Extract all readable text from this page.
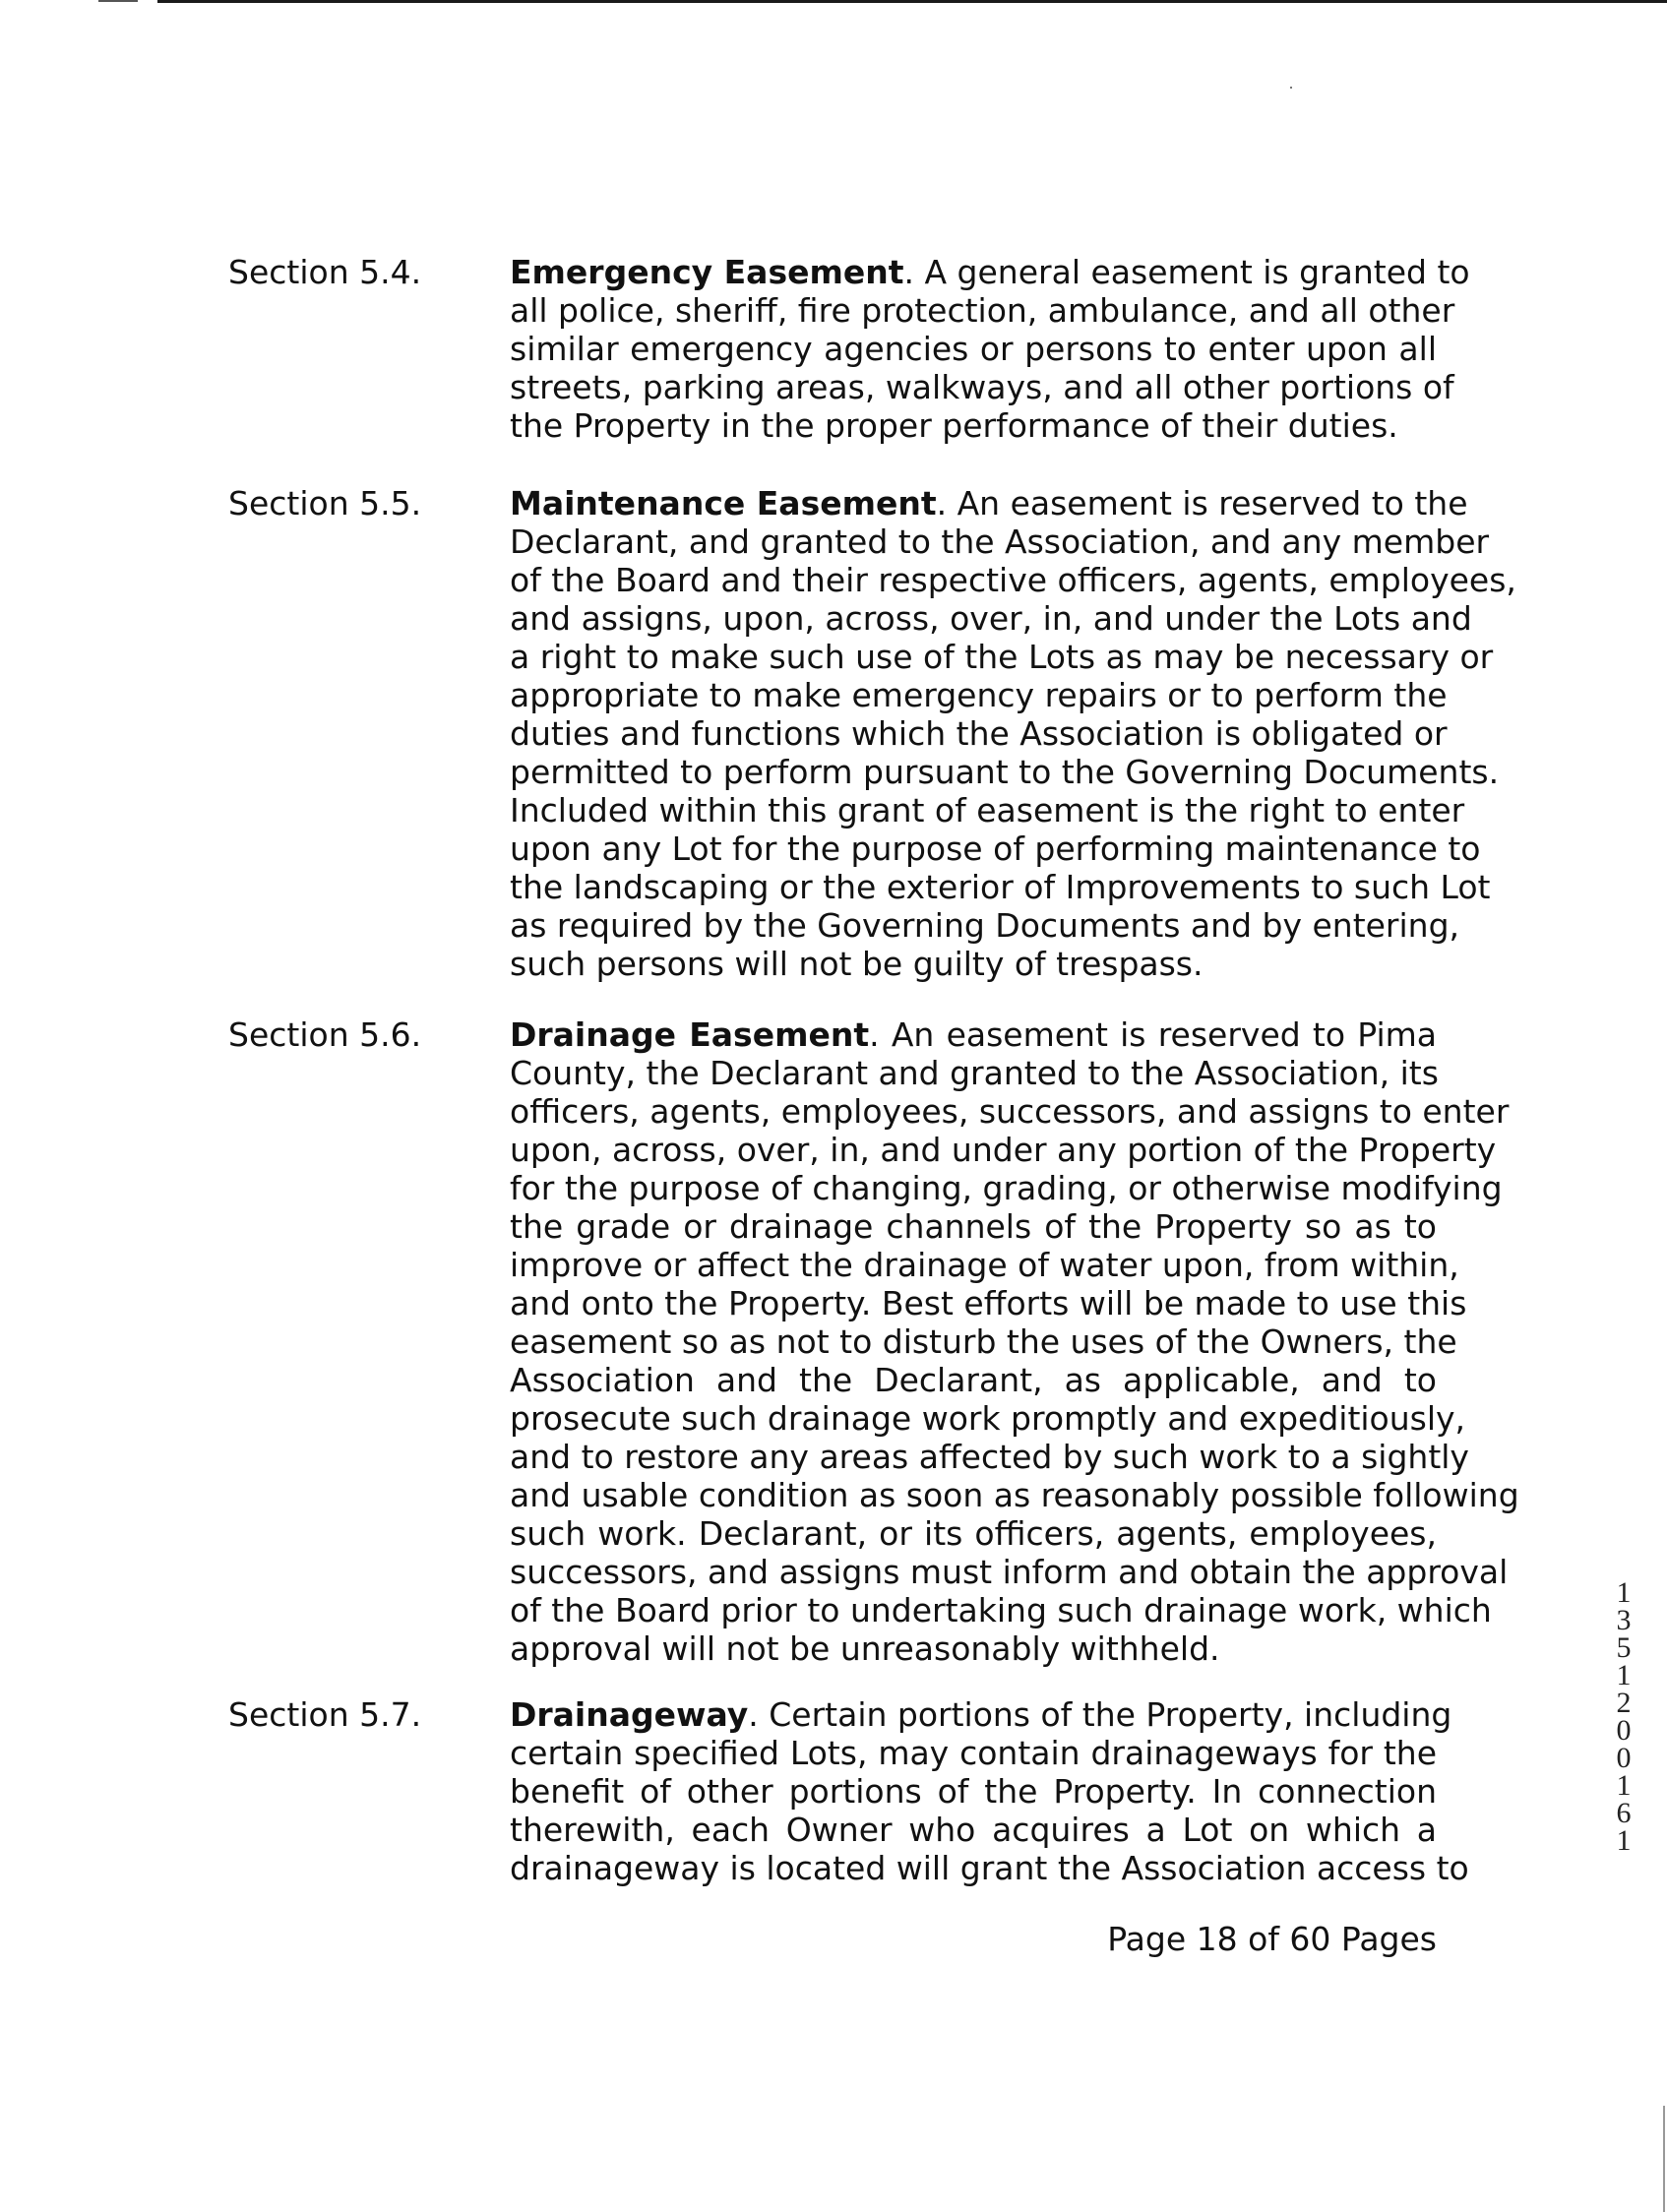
Section 5.4.	Emergency Easement. A general easement is granted to
all police, sheriff, fire protection, ambulance, and all other
similar emergency agencies or persons to enter upon all
streets, parking areas, walkways, and all other portions of
the Property in the proper performance of their duties.
Section 5.5.	Maintenance Easement. An easement is reserved to the
Declarant, and granted to the Association, and any member
of the Board and their respective officers, agents, employees,
and assigns, upon, across, over, in, and under the Lots and
a right to make such use of the Lots as may be necessary or
appropriate to make emergency repairs or to perform the
duties and functions which the Association is obligated or
permitted to perform pursuant to the Governing Documents.
Included within this grant of easement is the right to enter
upon any Lot for the purpose of performing maintenance to
the landscaping or the exterior of Improvements to such Lot
as required by the Governing Documents and by entering,
such persons will not be guilty of trespass.
Section 5.6.	Drainage Easement. An easement is reserved to Pima
County, the Declarant and granted to the Association, its
officers, agents, employees, successors, and assigns to enter
upon, across, over, in, and under any portion of the Property
for the purpose of changing, grading, or otherwise modifying
the grade or drainage channels of the Property so as to
improve or affect the drainage of water upon, from within,
and onto the Property. Best efforts will be made to use this
easement so as not to disturb the uses of the Owners, the
Association and the Declarant, as applicable, and to
prosecute such drainage work promptly and expeditiously,
and to restore any areas affected by such work to a sightly
and usable condition as soon as reasonably possible following
such work. Declarant, or its officers, agents, employees,
successors, and assigns must inform and obtain the approval
of the Board prior to undertaking such drainage work, which
approval will not be unreasonably withheld.
Section 5.7.	Drainageway. Certain portions of the Property, including
certain specified Lots, may contain drainageways for the
benefit of other portions of the Property. In connection
therewith, each Owner who acquires a Lot on which a
drainageway is located will grant the Association access to
Page 18 of 60 Pages
1
3
5
1
2
0
0
1
6
1
